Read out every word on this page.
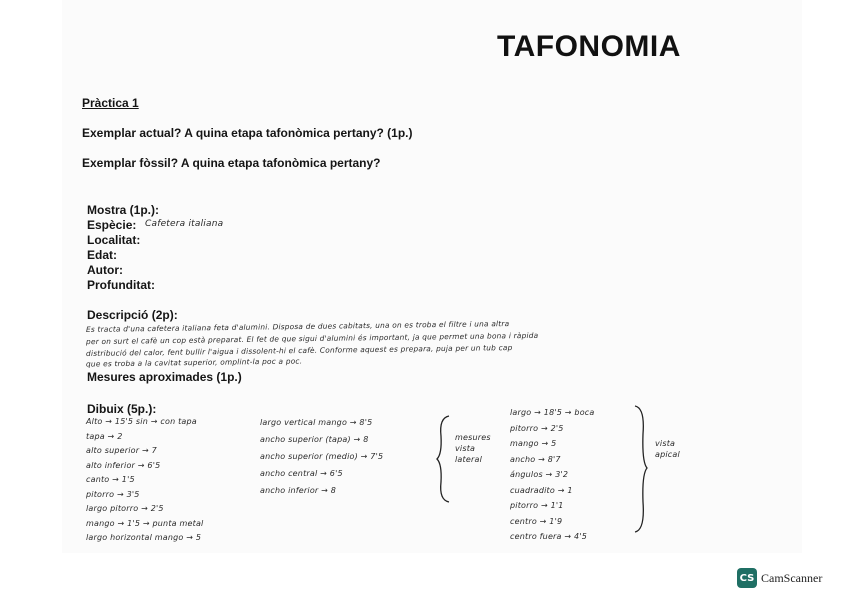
TAFONOMIA
Pràctica 1
Exemplar actual? A quina etapa tafonòmica pertany? (1p.)
Exemplar fòssil? A quina etapa tafonòmica pertany?
Mostra (1p.):
Espècie: Cafetera italiana
Localitat:
Edat:
Autor:
Profunditat:
Descripció (2p):
Es tracta d'una cafetera italiana feta d'alumini. Disposa de dues cabitats, una on es troba el filtre i una altra
per on surt el cafè un cop està preparat. El fet de que sigui d'alumini és important, ja que permet una bona i ràpida
distribució del calor, fent bullir l'aigua i dissolent-hi el cafè. Conforme aquest es prepara, puja per un tub cap
que es troba a la cavitat superior, omplint-la poc a poc.
Mesures aproximades (1p.)
Dibuix (5p.):
Alto → 15'5 sin → con tapa
tapa → 2
alto superior → 7
alto inferior → 6'5
canto → 1'5
pitorro → 3'5
largo pitorro → 2'5
mango → 1'5 → punta metal
largo horizontal mango → 5
largo vertical mango → 8'5
ancho superior (tapa) → 8
ancho superior (medio) → 7'5
ancho central → 6'5
ancho inferior → 8
mesures
vista
lateral
largo → 18'5 → boca
pitorro → 2'5
mango → 5
ancho → 8'7
ángulos → 3'2
cuadradito → 1
pitorro → 1'1
centro → 1'9
centro fuera → 4'5
vista
apical
CS CamScanner
